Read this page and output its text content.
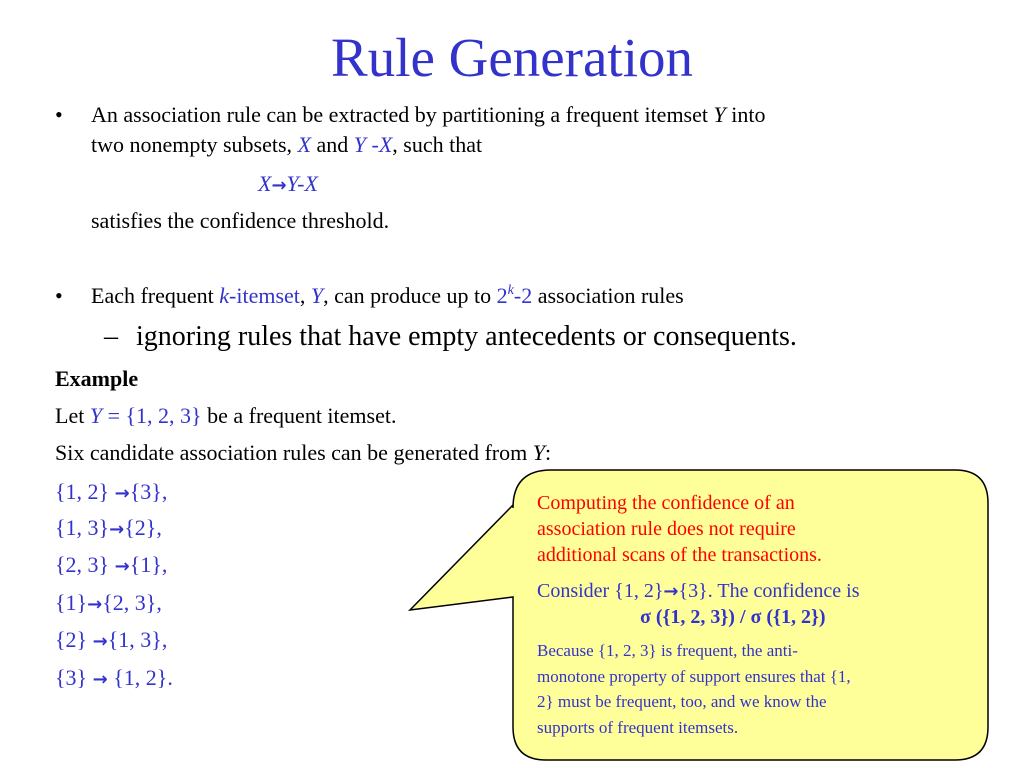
Rule Generation
• An association rule can be extracted by partitioning a frequent itemset Y into
two nonempty subsets, X and Y -X, such that
X→Y-X
satisfies the confidence threshold.
• Each frequent k-itemset, Y, can produce up to 2$^k$-2 association rules
– ignoring rules that have empty antecedents or consequents.
Example
Let Y = {1, 2, 3} be a frequent itemset.
Six candidate association rules can be generated from Y:
{1, 2} →{3},
{1, 3}→{2},
{2, 3} →{1},
{1}→{2, 3},
{2} →{1, 3},
{3} → {1, 2}.
Computing the confidence of an
association rule does not require
additional scans of the transactions.
Consider {1, 2}→{3}. The confidence is
σ ({1, 2, 3}) / σ ({1, 2})
Because {1, 2, 3} is frequent, the anti-
monotone property of support ensures that {1,
2} must be frequent, too, and we know the
supports of frequent itemsets.
